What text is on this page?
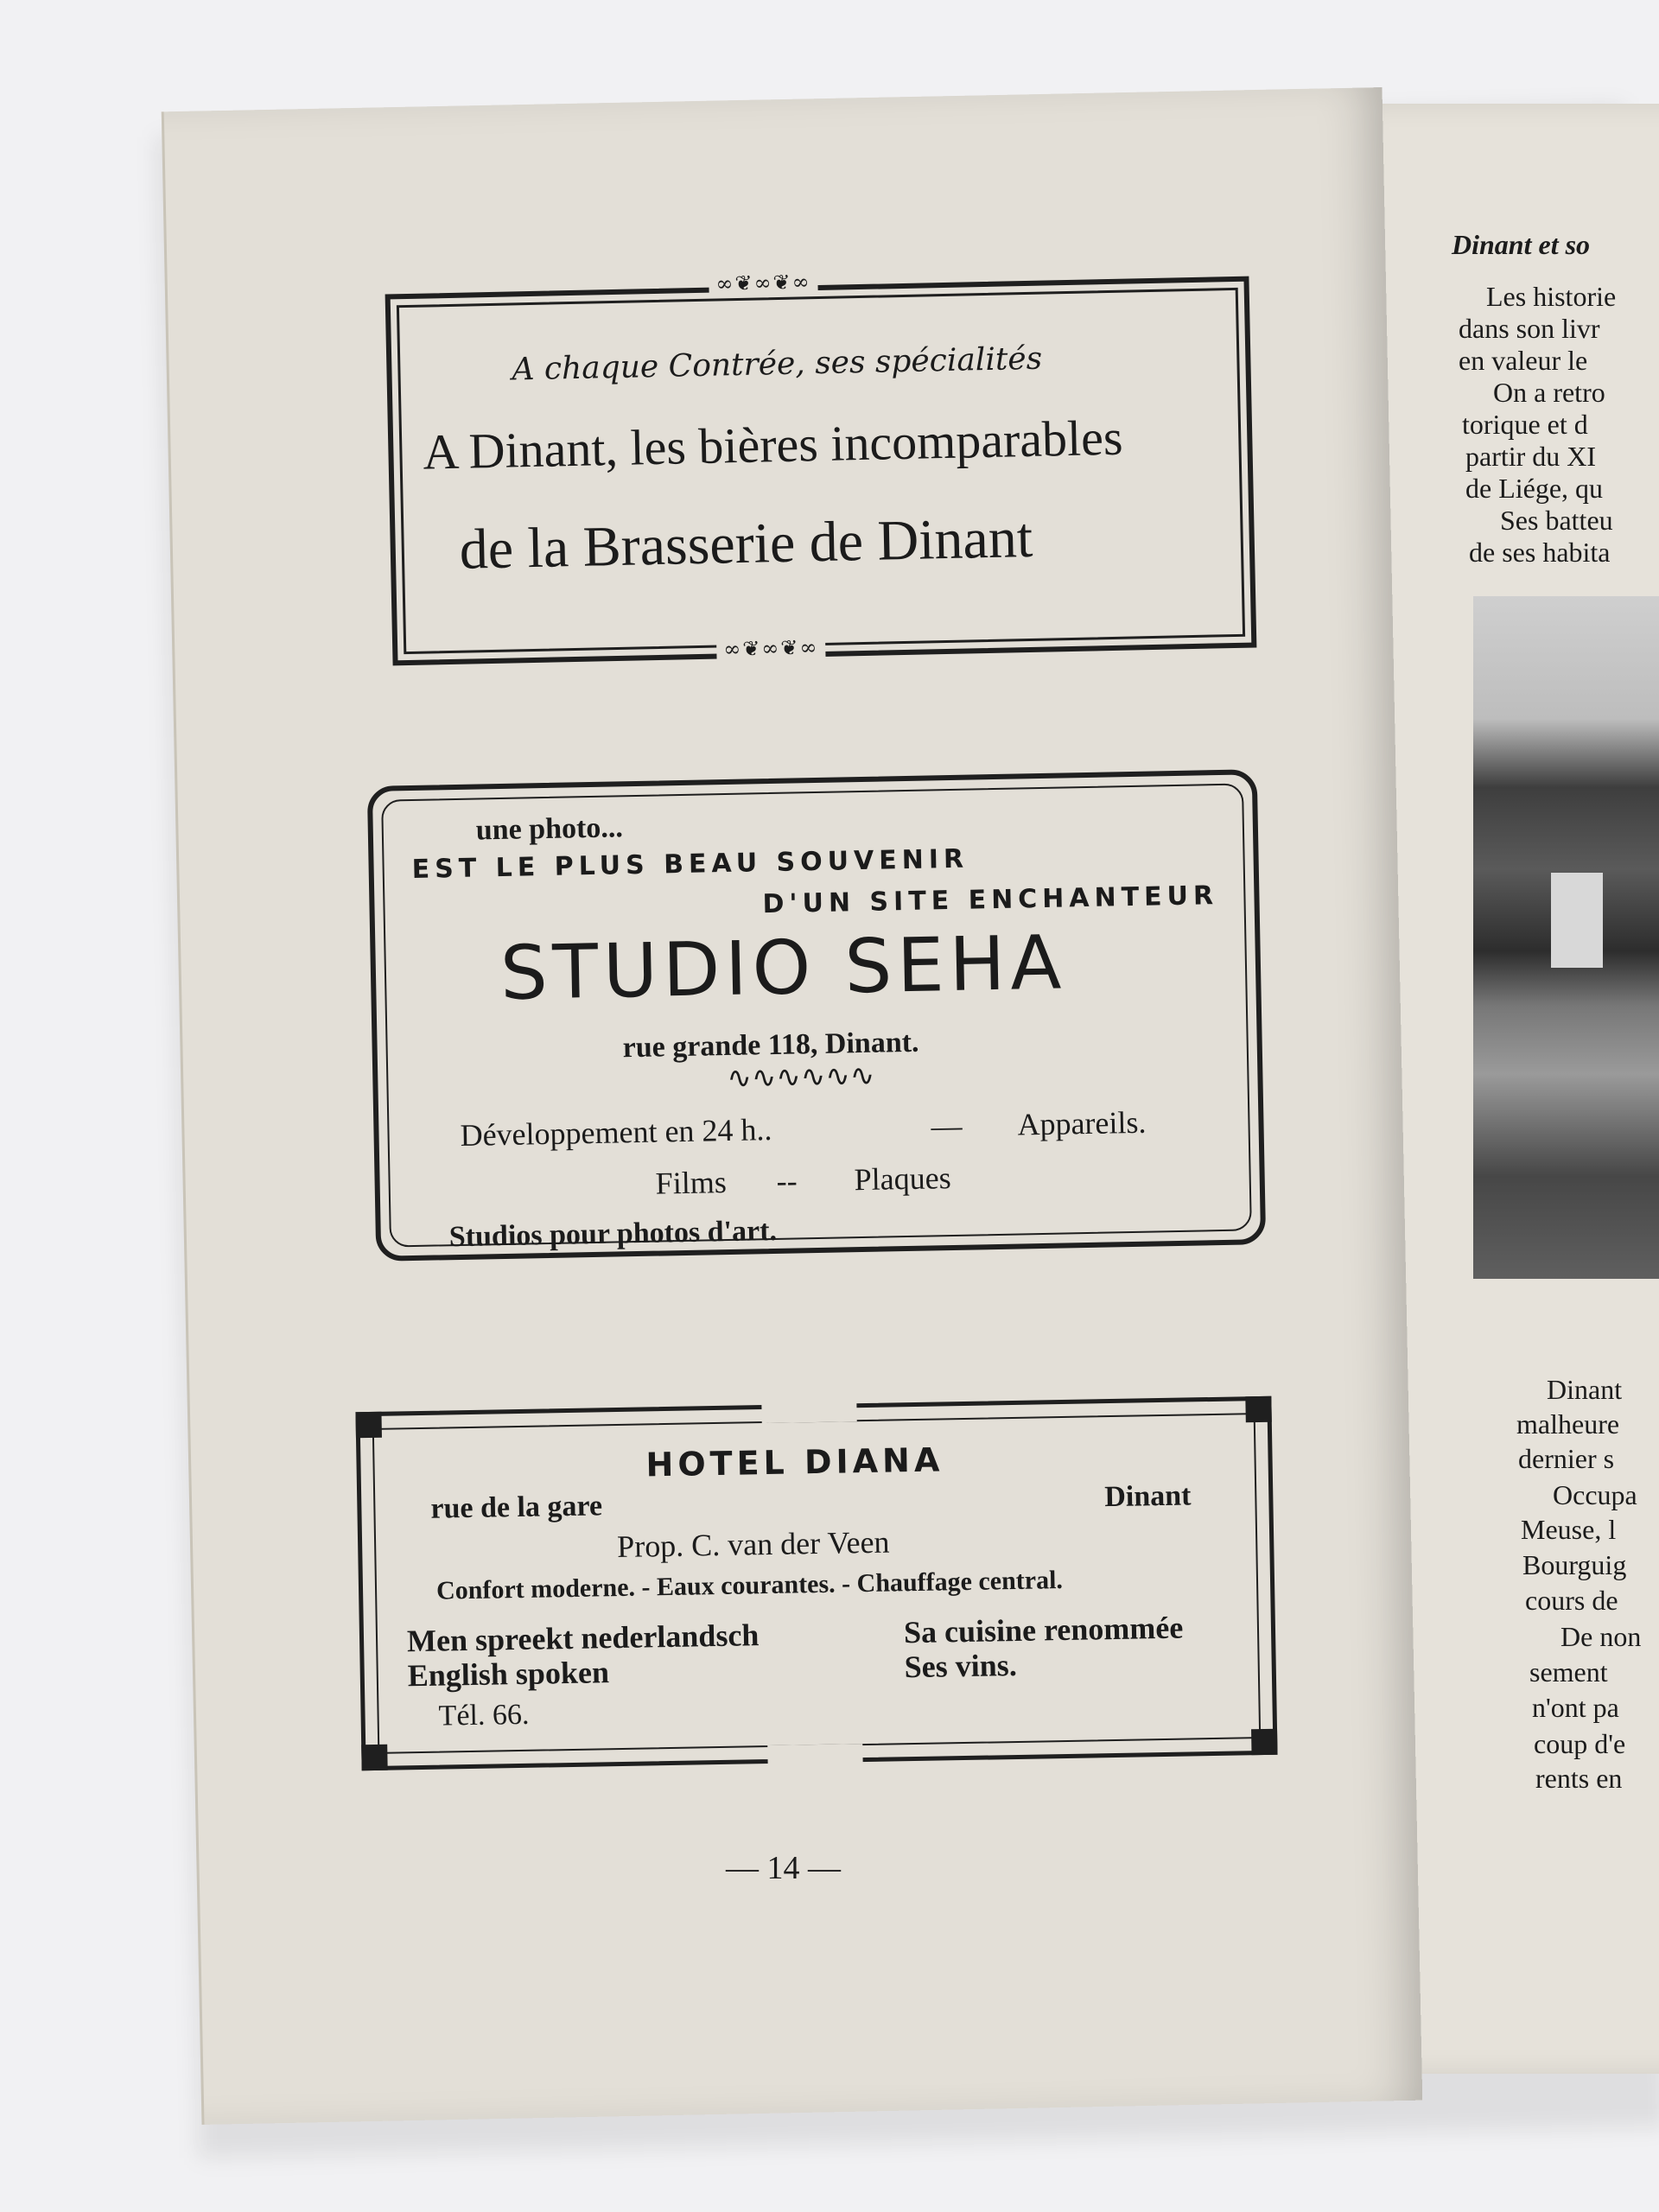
Dinant et so
Les historie
dans son livr
en valeur le
On a retro
torique et d
partir du XI
de Liége, qu
Ses batteu
de ses habita
Dinant
malheure
dernier s
Occupa
Meuse, l
Bourguig
cours de
De non
sement
n'ont pa
coup d'e
rents en
∞❦∞❦∞
∞❦∞❦∞
A chaque Contrée, ses spécialités
A Dinant, les bières incomparables
de la Brasserie de Dinant
une photo...
EST LE PLUS BEAU SOUVENIR
D'UN SITE ENCHANTEUR
STUDIO SEHA
rue grande 118, Dinant.
∿∿∿∿∿∿
Développement en 24 h..	— Appareils.
Films -- Plaques
Studios pour photos d'art.
HOTEL DIANA
rue de la gare	Dinant
Prop. C. van der Veen
Confort moderne. - Eaux courantes. - Chauffage central.
Men spreekt nederlandsch
English spoken
Tél. 66.
Sa cuisine renommée
Ses vins.
— 14 —
